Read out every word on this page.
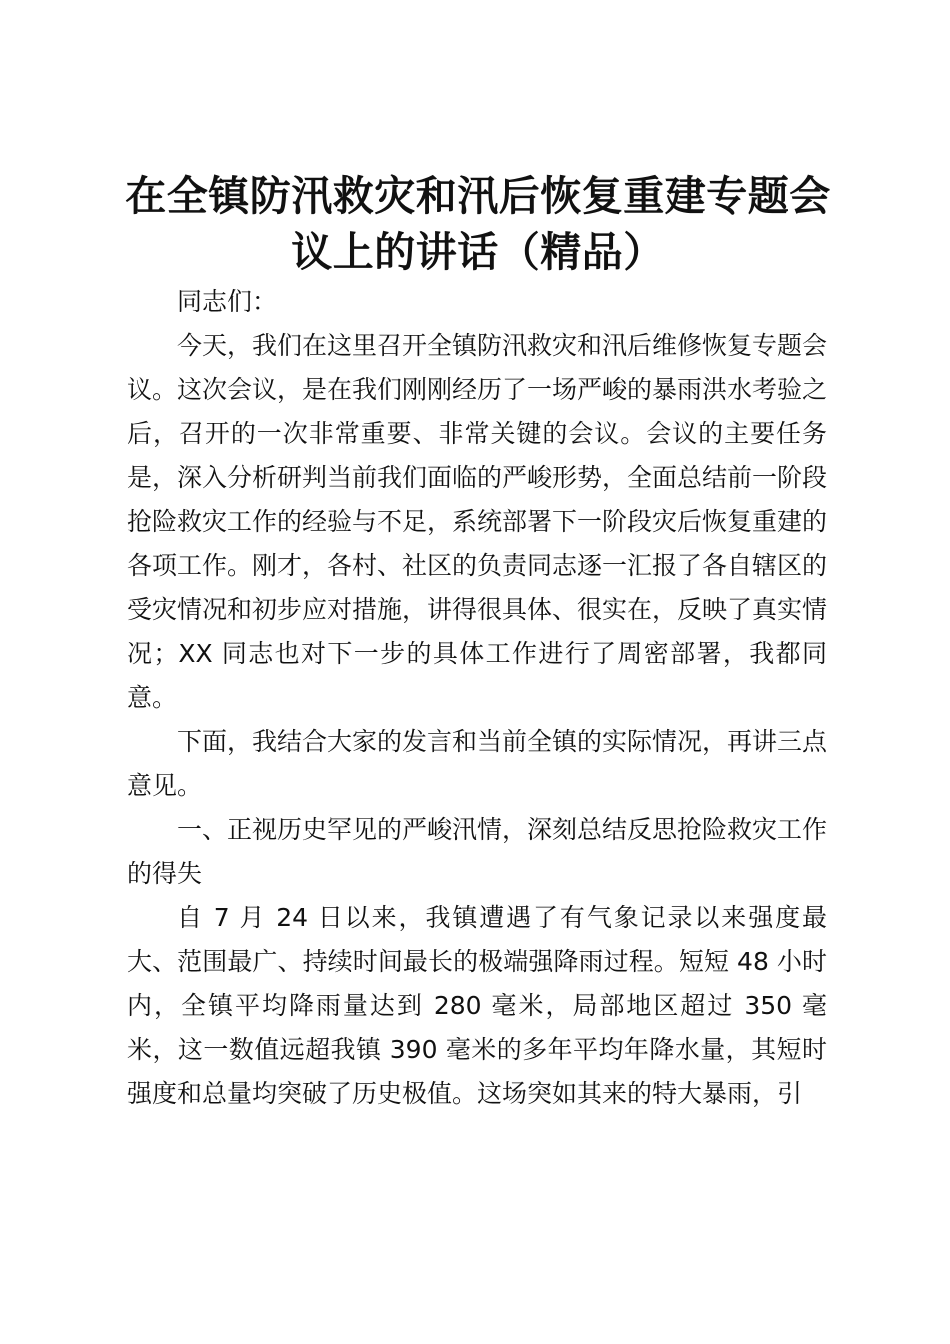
在全镇防汛救灾和汛后恢复重建专题会议上的讲话（精品）

同志们：

今天，我们在这里召开全镇防汛救灾和汛后维修恢复专题会议。这次会议，是在我们刚刚经历了一场严峻的暴雨洪水考验之后，召开的一次非常重要、非常关键的会议。会议的主要任务是，深入分析研判当前我们面临的严峻形势，全面总结前一阶段抢险救灾工作的经验与不足，系统部署下一阶段灾后恢复重建的各项工作。刚才，各村、社区的负责同志逐一汇报了各自辖区的受灾情况和初步应对措施，讲得很具体、很实在，反映了真实情况；XX 同志也对下一步的具体工作进行了周密部署，我都同意。

下面，我结合大家的发言和当前全镇的实际情况，再讲三点意见。

一、正视历史罕见的严峻汛情，深刻总结反思抢险救灾工作的得失

自 7 月 24 日以来，我镇遭遇了有气象记录以来强度最大、范围最广、持续时间最长的极端强降雨过程。短短 48 小时内，全镇平均降雨量达到 280 毫米，局部地区超过 350 毫米，这一数值远超我镇 390 毫米的多年平均年降水量，其短时强度和总量均突破了历史极值。这场突如其来的特大暴雨，引
